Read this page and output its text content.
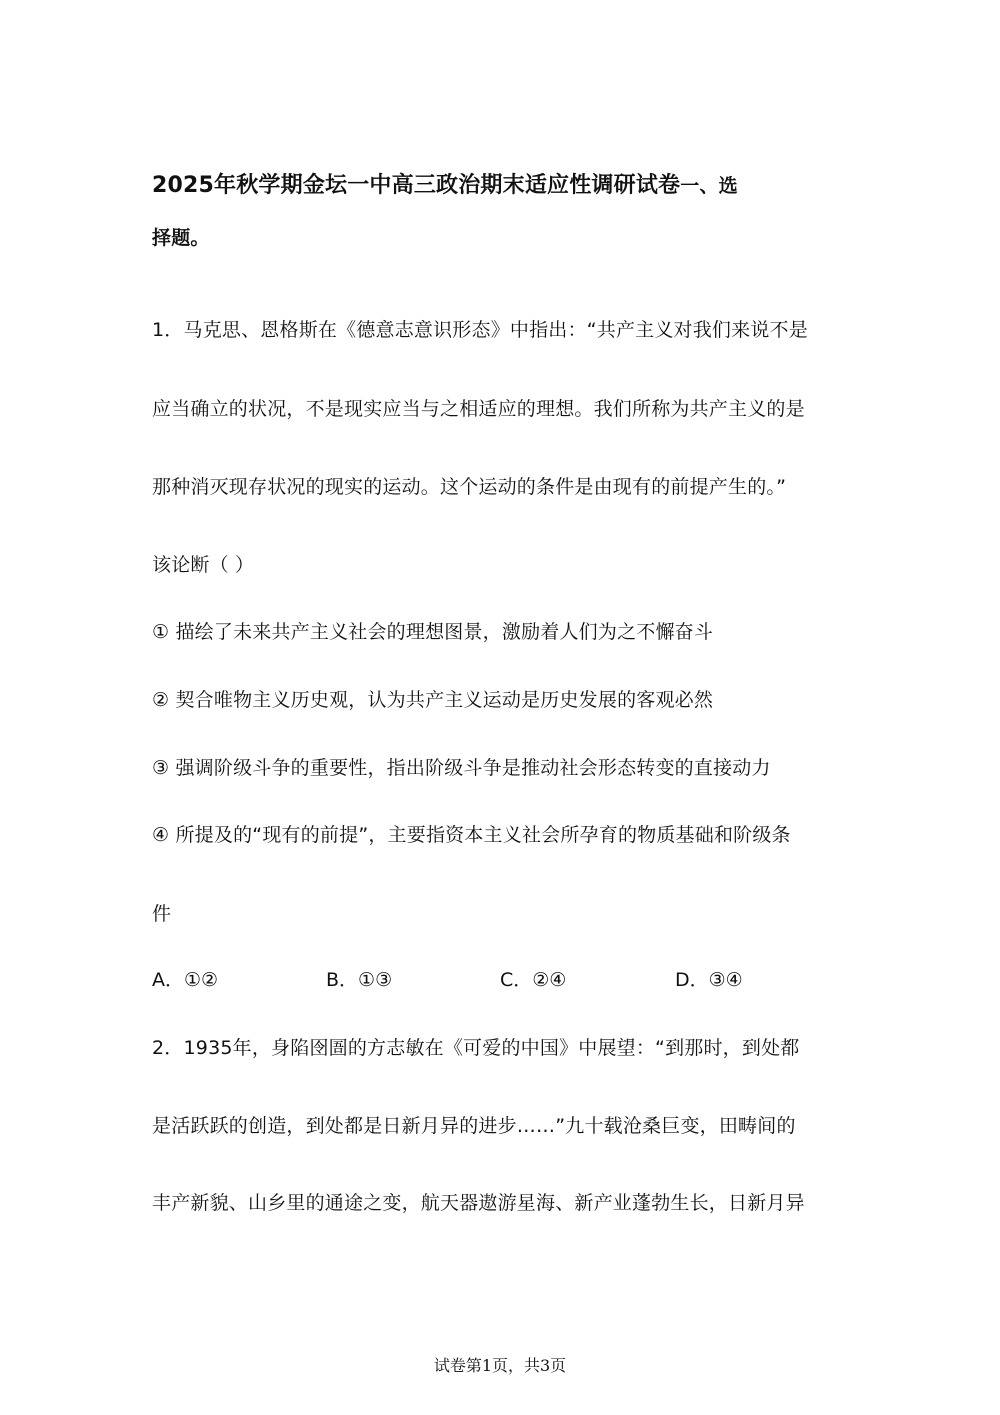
2025年秋学期金坛一中高三政治期末适应性调研试卷一、选
择题。
1．马克思、恩格斯在《德意志意识形态》中指出：“共产主义对我们来说不是
应当确立的状况，不是现实应当与之相适应的理想。我们所称为共产主义的是
那种消灭现存状况的现实的运动。这个运动的条件是由现有的前提产生的。”
该论断（ ）
① 描绘了未来共产主义社会的理想图景，激励着人们为之不懈奋斗
② 契合唯物主义历史观，认为共产主义运动是历史发展的客观必然
③ 强调阶级斗争的重要性，指出阶级斗争是推动社会形态转变的直接动力
④ 所提及的“现有的前提”，主要指资本主义社会所孕育的物质基础和阶级条
件
A．①②	B．①③	C．②④	D．③④
2．1935年，身陷囹圄的方志敏在《可爱的中国》中展望：“到那时，到处都
是活跃跃的创造，到处都是日新月异的进步……”九十载沧桑巨变，田畴间的
丰产新貌、山乡里的通途之变，航天器遨游星海、新产业蓬勃生长，日新月异
试卷第1页，共3页
